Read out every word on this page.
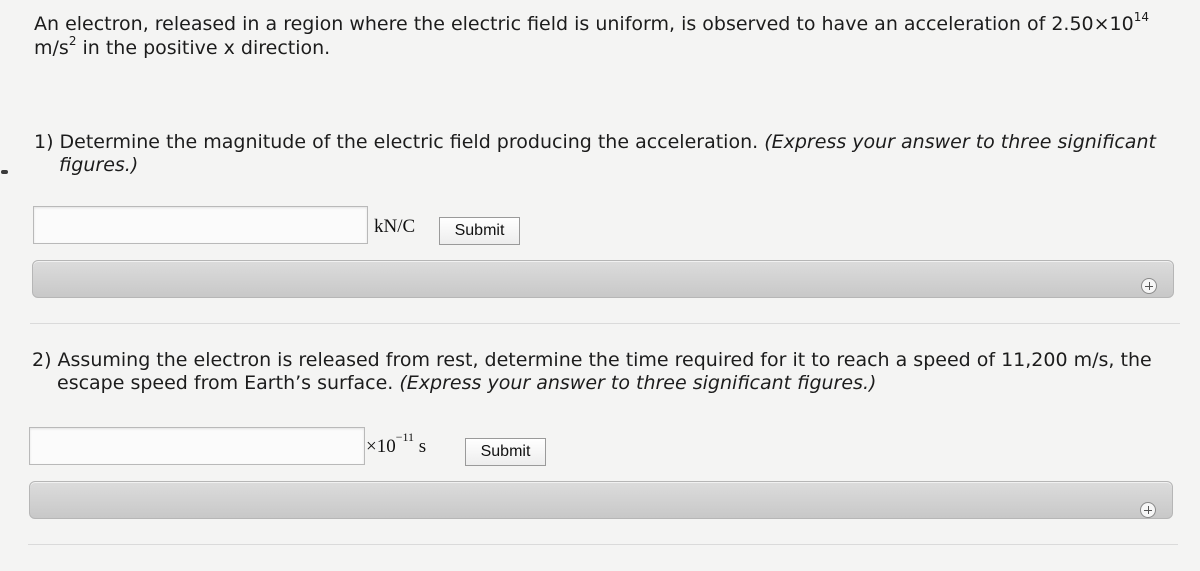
An electron, released in a region where the electric field is uniform, is observed to have an acceleration of $2.50\times 10^{14}$
$m/s^2$ in the positive x direction.
1) Determine the magnitude of the electric field producing the acceleration. (Express your answer to three significant
figures.)
kN/C	Submit
2) Assuming the electron is released from rest, determine the time required for it to reach a speed of 11,200 m/s, the
escape speed from Earth’s surface. (Express your answer to three significant figures.)
$\times 10^{-11}$ s	Submit
